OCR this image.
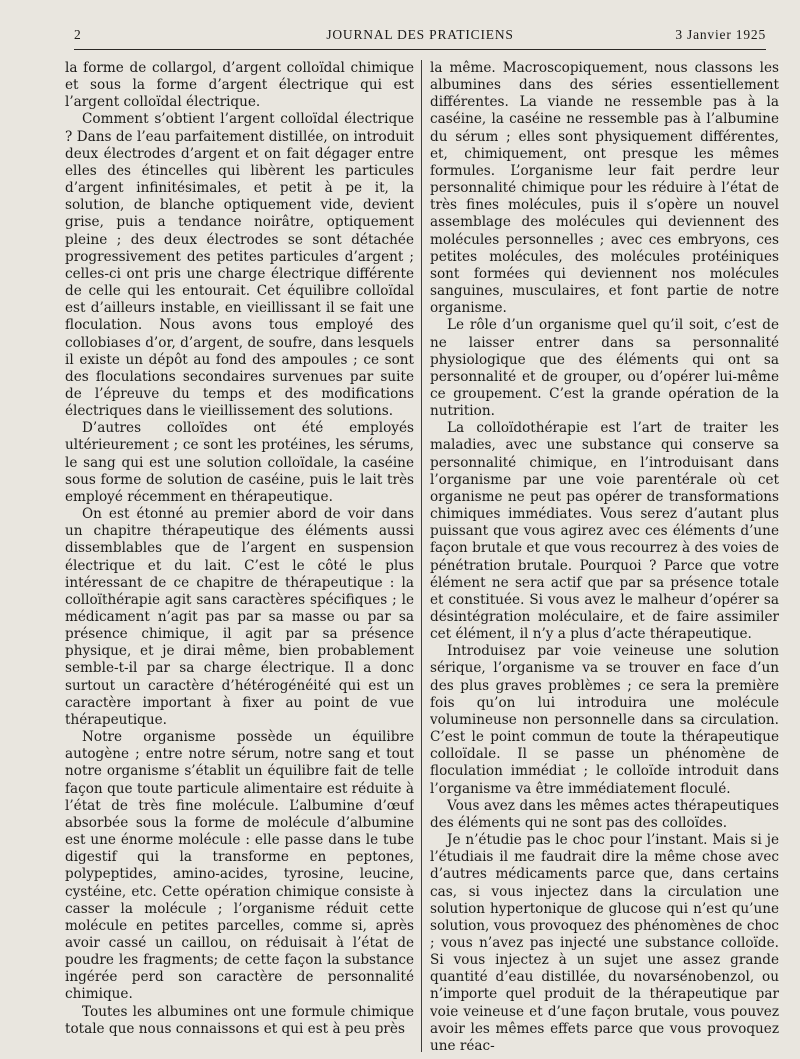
2	JOURNAL DES PRATICIENS	3 Janvier 1925

la forme de collargol, d’argent colloïdal chimique et sous la forme d’argent électrique qui est l’argent colloïdal électrique.

Comment s’obtient l’argent colloïdal électrique ? Dans de l’eau parfaitement distillée, on introduit deux électrodes d’argent et on fait dégager entre elles des étincelles qui libèrent les particules d’argent infinitésimales, et petit à pe it, la solution, de blanche optiquement vide, devient grise, puis a tendance noirâtre, optiquement pleine ; des deux électrodes se sont détachée progressivement des petites particules d’argent ; celles-ci ont pris une charge électrique différente de celle qui les entourait. Cet équilibre colloïdal est d’ailleurs instable, en vieillissant il se fait une floculation. Nous avons tous employé des collobiases d’or, d’argent, de soufre, dans lesquels il existe un dépôt au fond des ampoules ; ce sont des floculations secondaires survenues par suite de l’épreuve du temps et des modifications électriques dans le vieillissement des solutions.

D’autres colloïdes ont été employés ultérieurement ; ce sont les protéines, les sérums, le sang qui est une solution colloïdale, la caséine sous forme de solution de caséine, puis le lait très employé récemment en thérapeutique.

On est étonné au premier abord de voir dans un chapitre thérapeutique des éléments aussi dissemblables que de l’argent en suspension électrique et du lait. C’est le côté le plus intéressant de ce chapitre de thérapeutique : la colloïthérapie agit sans caractères spécifiques ; le médicament n’agit pas par sa masse ou par sa présence chimique, il agit par sa présence physique, et je dirai même, bien probablement semble-t-il par sa charge électrique. Il a donc surtout un caractère d’hétérogénéité qui est un caractère important à fixer au point de vue thérapeutique.

Notre organisme possède un équilibre autogène ; entre notre sérum, notre sang et tout notre organisme s’établit un équilibre fait de telle façon que toute particule alimentaire est réduite à l’état de très fine molécule. L’albumine d’œuf absorbée sous la forme de molécule d’albumine est une énorme molécule : elle passe dans le tube digestif qui la transforme en peptones, polypeptides, amino-acides, tyrosine, leucine, cystéine, etc. Cette opération chimique consiste à casser la molécule ; l’organisme réduit cette molécule en petites parcelles, comme si, après avoir cassé un caillou, on réduisait à l’état de poudre les fragments; de cette façon la substance ingérée perd son caractère de personnalité chimique.

Toutes les albumines ont une formule chimique totale que nous connaissons et qui est à peu près

la même. Macroscopiquement, nous classons les albumines dans des séries essentiellement différentes. La viande ne ressemble pas à la caséine, la caséine ne ressemble pas à l’albumine du sérum ; elles sont physiquement différentes, et, chimiquement, ont presque les mêmes formules. L’organisme leur fait perdre leur personnalité chimique pour les réduire à l’état de très fines molécules, puis il s’opère un nouvel assemblage des molécules qui deviennent des molécules personnelles ; avec ces embryons, ces petites molécules, des molécules protéiniques sont formées qui deviennent nos molécules sanguines, musculaires, et font partie de notre organisme.

Le rôle d’un organisme quel qu’il soit, c’est de ne laisser entrer dans sa personnalité physiologique que des éléments qui ont sa personnalité et de grouper, ou d’opérer lui-même ce groupement. C’est la grande opération de la nutrition.

La colloïdothérapie est l’art de traiter les maladies, avec une substance qui conserve sa personnalité chimique, en l’introduisant dans l’organisme par une voie parentérale où cet organisme ne peut pas opérer de transformations chimiques immédiates. Vous serez d’autant plus puissant que vous agirez avec ces éléments d’une façon brutale et que vous recourrez à des voies de pénétration brutale. Pourquoi ? Parce que votre élément ne sera actif que par sa présence totale et constituée. Si vous avez le malheur d’opérer sa désintégration moléculaire, et de faire assimiler cet élément, il n’y a plus d’acte thérapeutique.

Introduisez par voie veineuse une solution sérique, l’organisme va se trouver en face d’un des plus graves problèmes ; ce sera la première fois qu’on lui introduira une molécule volumineuse non personnelle dans sa circulation. C’est le point commun de toute la thérapeutique colloïdale. Il se passe un phénomène de floculation immédiat ; le colloïde introduit dans l’organisme va être immédiatement floculé.

Vous avez dans les mêmes actes thérapeutiques des éléments qui ne sont pas des colloïdes.

Je n’étudie pas le choc pour l’instant. Mais si je l’étudiais il me faudrait dire la même chose avec d’autres médicaments parce que, dans certains cas, si vous injectez dans la circulation une solution hypertonique de glucose qui n’est qu’une solution, vous provoquez des phénomènes de choc ; vous n’avez pas injecté une substance colloïde. Si vous injectez à un sujet une assez grande quantité d’eau distillée, du novarsénobenzol, ou n’importe quel produit de la thérapeutique par voie veineuse et d’une façon brutale, vous pouvez avoir les mêmes effets parce que vous provoquez une réac-
